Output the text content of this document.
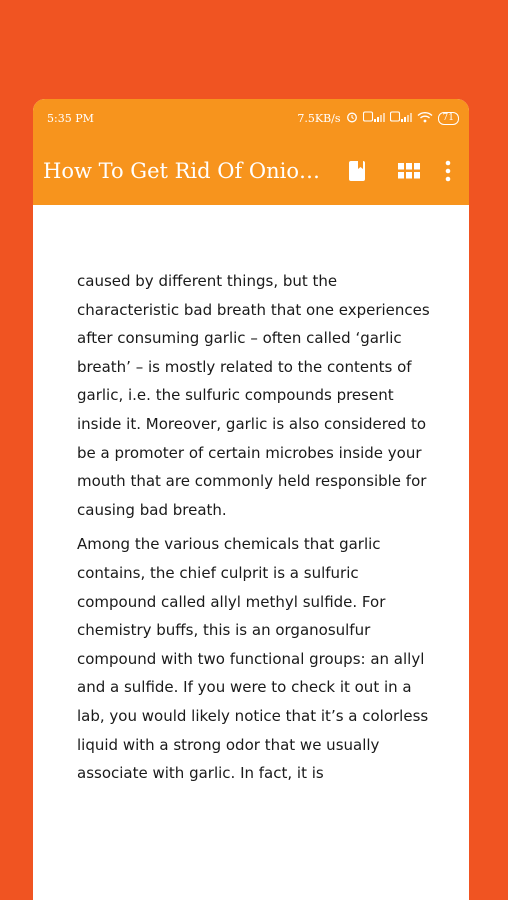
5:35 PM	7.5KB/s	71
How To Get Rid Of Onio…

caused by different things, but the characteristic bad breath that one experiences after consuming garlic – often called ‘garlic breath’ – is mostly related to the contents of garlic, i.e. the sulfuric compounds present inside it. Moreover, garlic is also considered to be a promoter of certain microbes inside your mouth that are commonly held responsible for causing bad breath.

Among the various chemicals that garlic contains, the chief culprit is a sulfuric compound called allyl methyl sulfide. For chemistry buffs, this is an organosulfur compound with two functional groups: an allyl and a sulfide. If you were to check it out in a lab, you would likely notice that it’s a colorless liquid with a strong odor that we usually associate with garlic. In fact, it is
